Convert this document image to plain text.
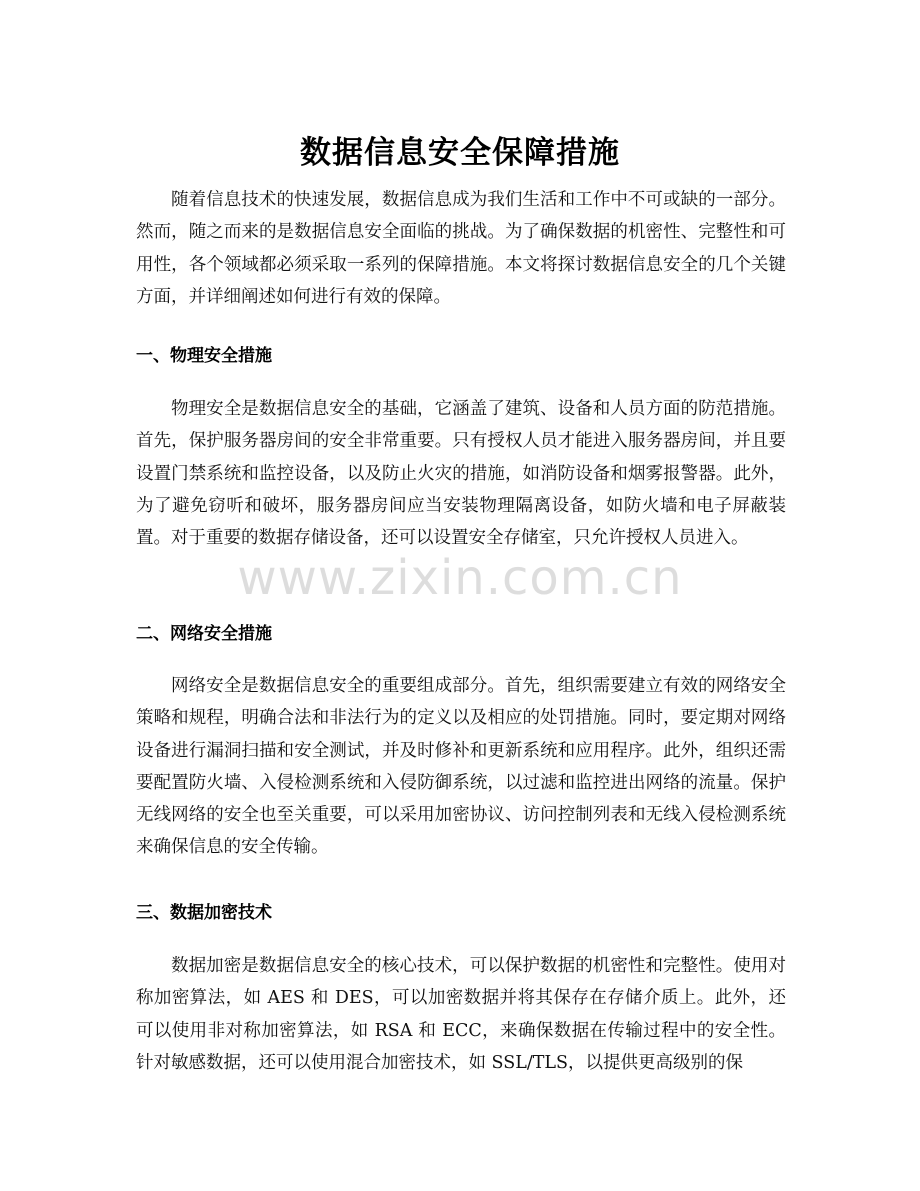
数据信息安全保障措施

随着信息技术的快速发展，数据信息成为我们生活和工作中不可或缺的一部分。然而，随之而来的是数据信息安全面临的挑战。为了确保数据的机密性、完整性和可用性，各个领域都必须采取一系列的保障措施。本文将探讨数据信息安全的几个关键方面，并详细阐述如何进行有效的保障。

一、物理安全措施

物理安全是数据信息安全的基础，它涵盖了建筑、设备和人员方面的防范措施。首先，保护服务器房间的安全非常重要。只有授权人员才能进入服务器房间，并且要设置门禁系统和监控设备，以及防止火灾的措施，如消防设备和烟雾报警器。此外，为了避免窃听和破坏，服务器房间应当安装物理隔离设备，如防火墙和电子屏蔽装置。对于重要的数据存储设备，还可以设置安全存储室，只允许授权人员进入。

二、网络安全措施

网络安全是数据信息安全的重要组成部分。首先，组织需要建立有效的网络安全策略和规程，明确合法和非法行为的定义以及相应的处罚措施。同时，要定期对网络设备进行漏洞扫描和安全测试，并及时修补和更新系统和应用程序。此外，组织还需要配置防火墙、入侵检测系统和入侵防御系统，以过滤和监控进出网络的流量。保护无线网络的安全也至关重要，可以采用加密协议、访问控制列表和无线入侵检测系统来确保信息的安全传输。

三、数据加密技术

数据加密是数据信息安全的核心技术，可以保护数据的机密性和完整性。使用对称加密算法，如 AES 和 DES，可以加密数据并将其保存在存储介质上。此外，还可以使用非对称加密算法，如 RSA 和 ECC，来确保数据在传输过程中的安全性。针对敏感数据，还可以使用混合加密技术，如 SSL/TLS，以提供更高级别的保

www.zixin.com.cn
